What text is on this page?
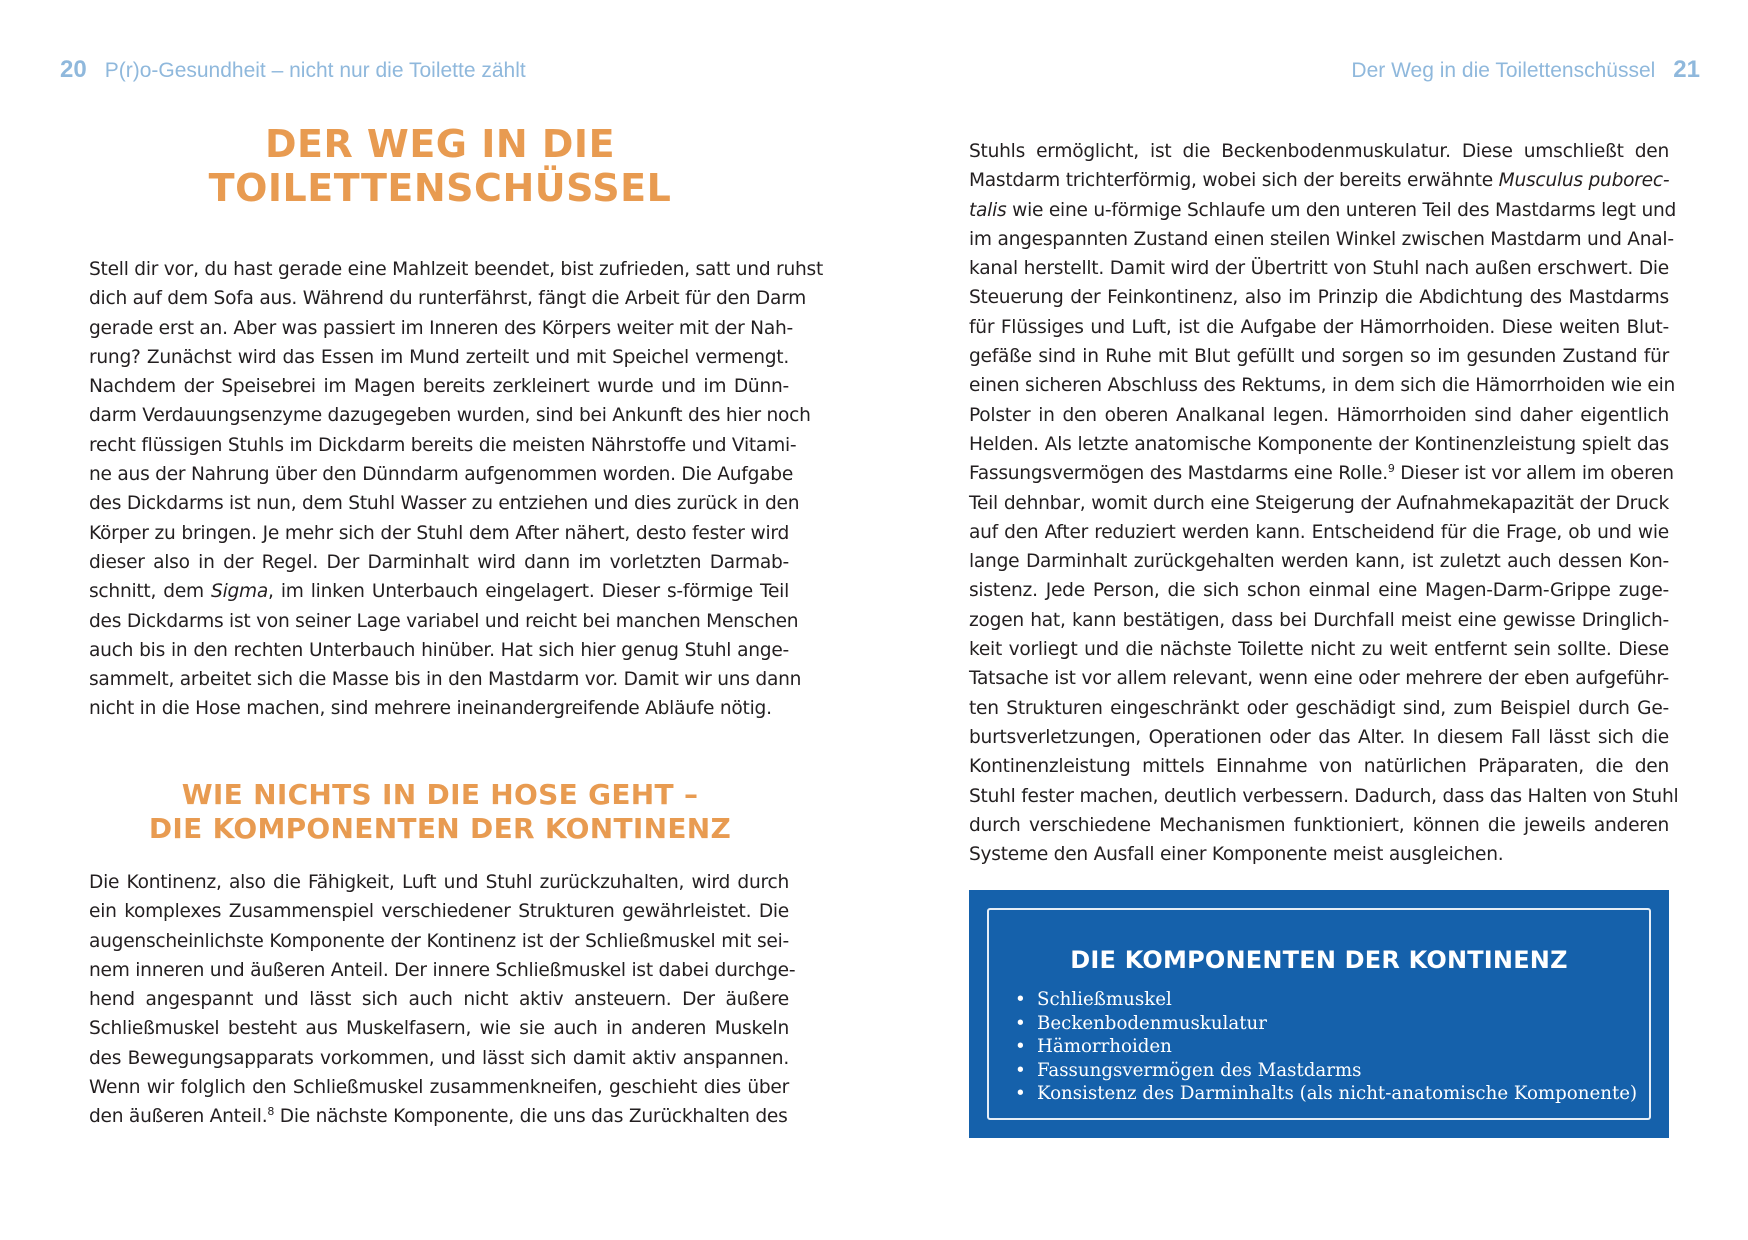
20 P(r)o-Gesundheit – nicht nur die Toilette zählt
DER WEG IN DIE
TOILETTENSCHÜSSEL

Stell dir vor, du hast gerade eine Mahlzeit beendet, bist zufrieden, satt und ruhst
dich auf dem Sofa aus. Während du runterfährst, fängt die Arbeit für den Darm
gerade erst an. Aber was passiert im Inneren des Körpers weiter mit der Nah-
rung? Zunächst wird das Essen im Mund zerteilt und mit Speichel vermengt.
Nachdem der Speisebrei im Magen bereits zerkleinert wurde und im Dünn-
darm Verdauungsenzyme dazugegeben wurden, sind bei Ankunft des hier noch
recht flüssigen Stuhls im Dickdarm bereits die meisten Nährstoffe und Vitami-
ne aus der Nahrung über den Dünndarm aufgenommen worden. Die Aufgabe
des Dickdarms ist nun, dem Stuhl Wasser zu entziehen und dies zurück in den
Körper zu bringen. Je mehr sich der Stuhl dem After nähert, desto fester wird
dieser also in der Regel. Der Darminhalt wird dann im vorletzten Darmab-
schnitt, dem Sigma, im linken Unterbauch eingelagert. Dieser s-förmige Teil
des Dickdarms ist von seiner Lage variabel und reicht bei manchen Menschen
auch bis in den rechten Unterbauch hinüber. Hat sich hier genug Stuhl ange-
sammelt, arbeitet sich die Masse bis in den Mastdarm vor. Damit wir uns dann
nicht in die Hose machen, sind mehrere ineinandergreifende Abläufe nötig.

WIE NICHTS IN DIE HOSE GEHT –
DIE KOMPONENTEN DER KONTINENZ

Die Kontinenz, also die Fähigkeit, Luft und Stuhl zurückzuhalten, wird durch
ein komplexes Zusammenspiel verschiedener Strukturen gewährleistet. Die
augenscheinlichste Komponente der Kontinenz ist der Schließmuskel mit sei-
nem inneren und äußeren Anteil. Der innere Schließmuskel ist dabei durchge-
hend angespannt und lässt sich auch nicht aktiv ansteuern. Der äußere
Schließmuskel besteht aus Muskelfasern, wie sie auch in anderen Muskeln
des Bewegungsapparats vorkommen, und lässt sich damit aktiv anspannen.
Wenn wir folglich den Schließmuskel zusammenkneifen, geschieht dies über
den äußeren Anteil.$^8$ Die nächste Komponente, die uns das Zurückhalten des

Der Weg in die Toilettenschüssel 21

Stuhls ermöglicht, ist die Beckenbodenmuskulatur. Diese umschließt den
Mastdarm trichterförmig, wobei sich der bereits erwähnte Musculus puborec-
talis wie eine u-förmige Schlaufe um den unteren Teil des Mastdarms legt und
im angespannten Zustand einen steilen Winkel zwischen Mastdarm und Anal-
kanal herstellt. Damit wird der Übertritt von Stuhl nach außen erschwert. Die
Steuerung der Feinkontinenz, also im Prinzip die Abdichtung des Mastdarms
für Flüssiges und Luft, ist die Aufgabe der Hämorrhoiden. Diese weiten Blut-
gefäße sind in Ruhe mit Blut gefüllt und sorgen so im gesunden Zustand für
einen sicheren Abschluss des Rektums, in dem sich die Hämorrhoiden wie ein
Polster in den oberen Analkanal legen. Hämorrhoiden sind daher eigentlich
Helden. Als letzte anatomische Komponente der Kontinenzleistung spielt das
Fassungsvermögen des Mastdarms eine Rolle.$^9$ Dieser ist vor allem im oberen
Teil dehnbar, womit durch eine Steigerung der Aufnahmekapazität der Druck
auf den After reduziert werden kann. Entscheidend für die Frage, ob und wie
lange Darminhalt zurückgehalten werden kann, ist zuletzt auch dessen Kon-
sistenz. Jede Person, die sich schon einmal eine Magen-Darm-Grippe zuge-
zogen hat, kann bestätigen, dass bei Durchfall meist eine gewisse Dringlich-
keit vorliegt und die nächste Toilette nicht zu weit entfernt sein sollte. Diese
Tatsache ist vor allem relevant, wenn eine oder mehrere der eben aufgeführ-
ten Strukturen eingeschränkt oder geschädigt sind, zum Beispiel durch Ge-
burtsverletzungen, Operationen oder das Alter. In diesem Fall lässt sich die
Kontinenzleistung mittels Einnahme von natürlichen Präparaten, die den
Stuhl fester machen, deutlich verbessern. Dadurch, dass das Halten von Stuhl
durch verschiedene Mechanismen funktioniert, können die jeweils anderen
Systeme den Ausfall einer Komponente meist ausgleichen.

DIE KOMPONENTEN DER KONTINENZ
• Schließmuskel
• Beckenbodenmuskulatur
• Hämorrhoiden
• Fassungsvermögen des Mastdarms
• Konsistenz des Darminhalts (als nicht-anatomische Komponente)
